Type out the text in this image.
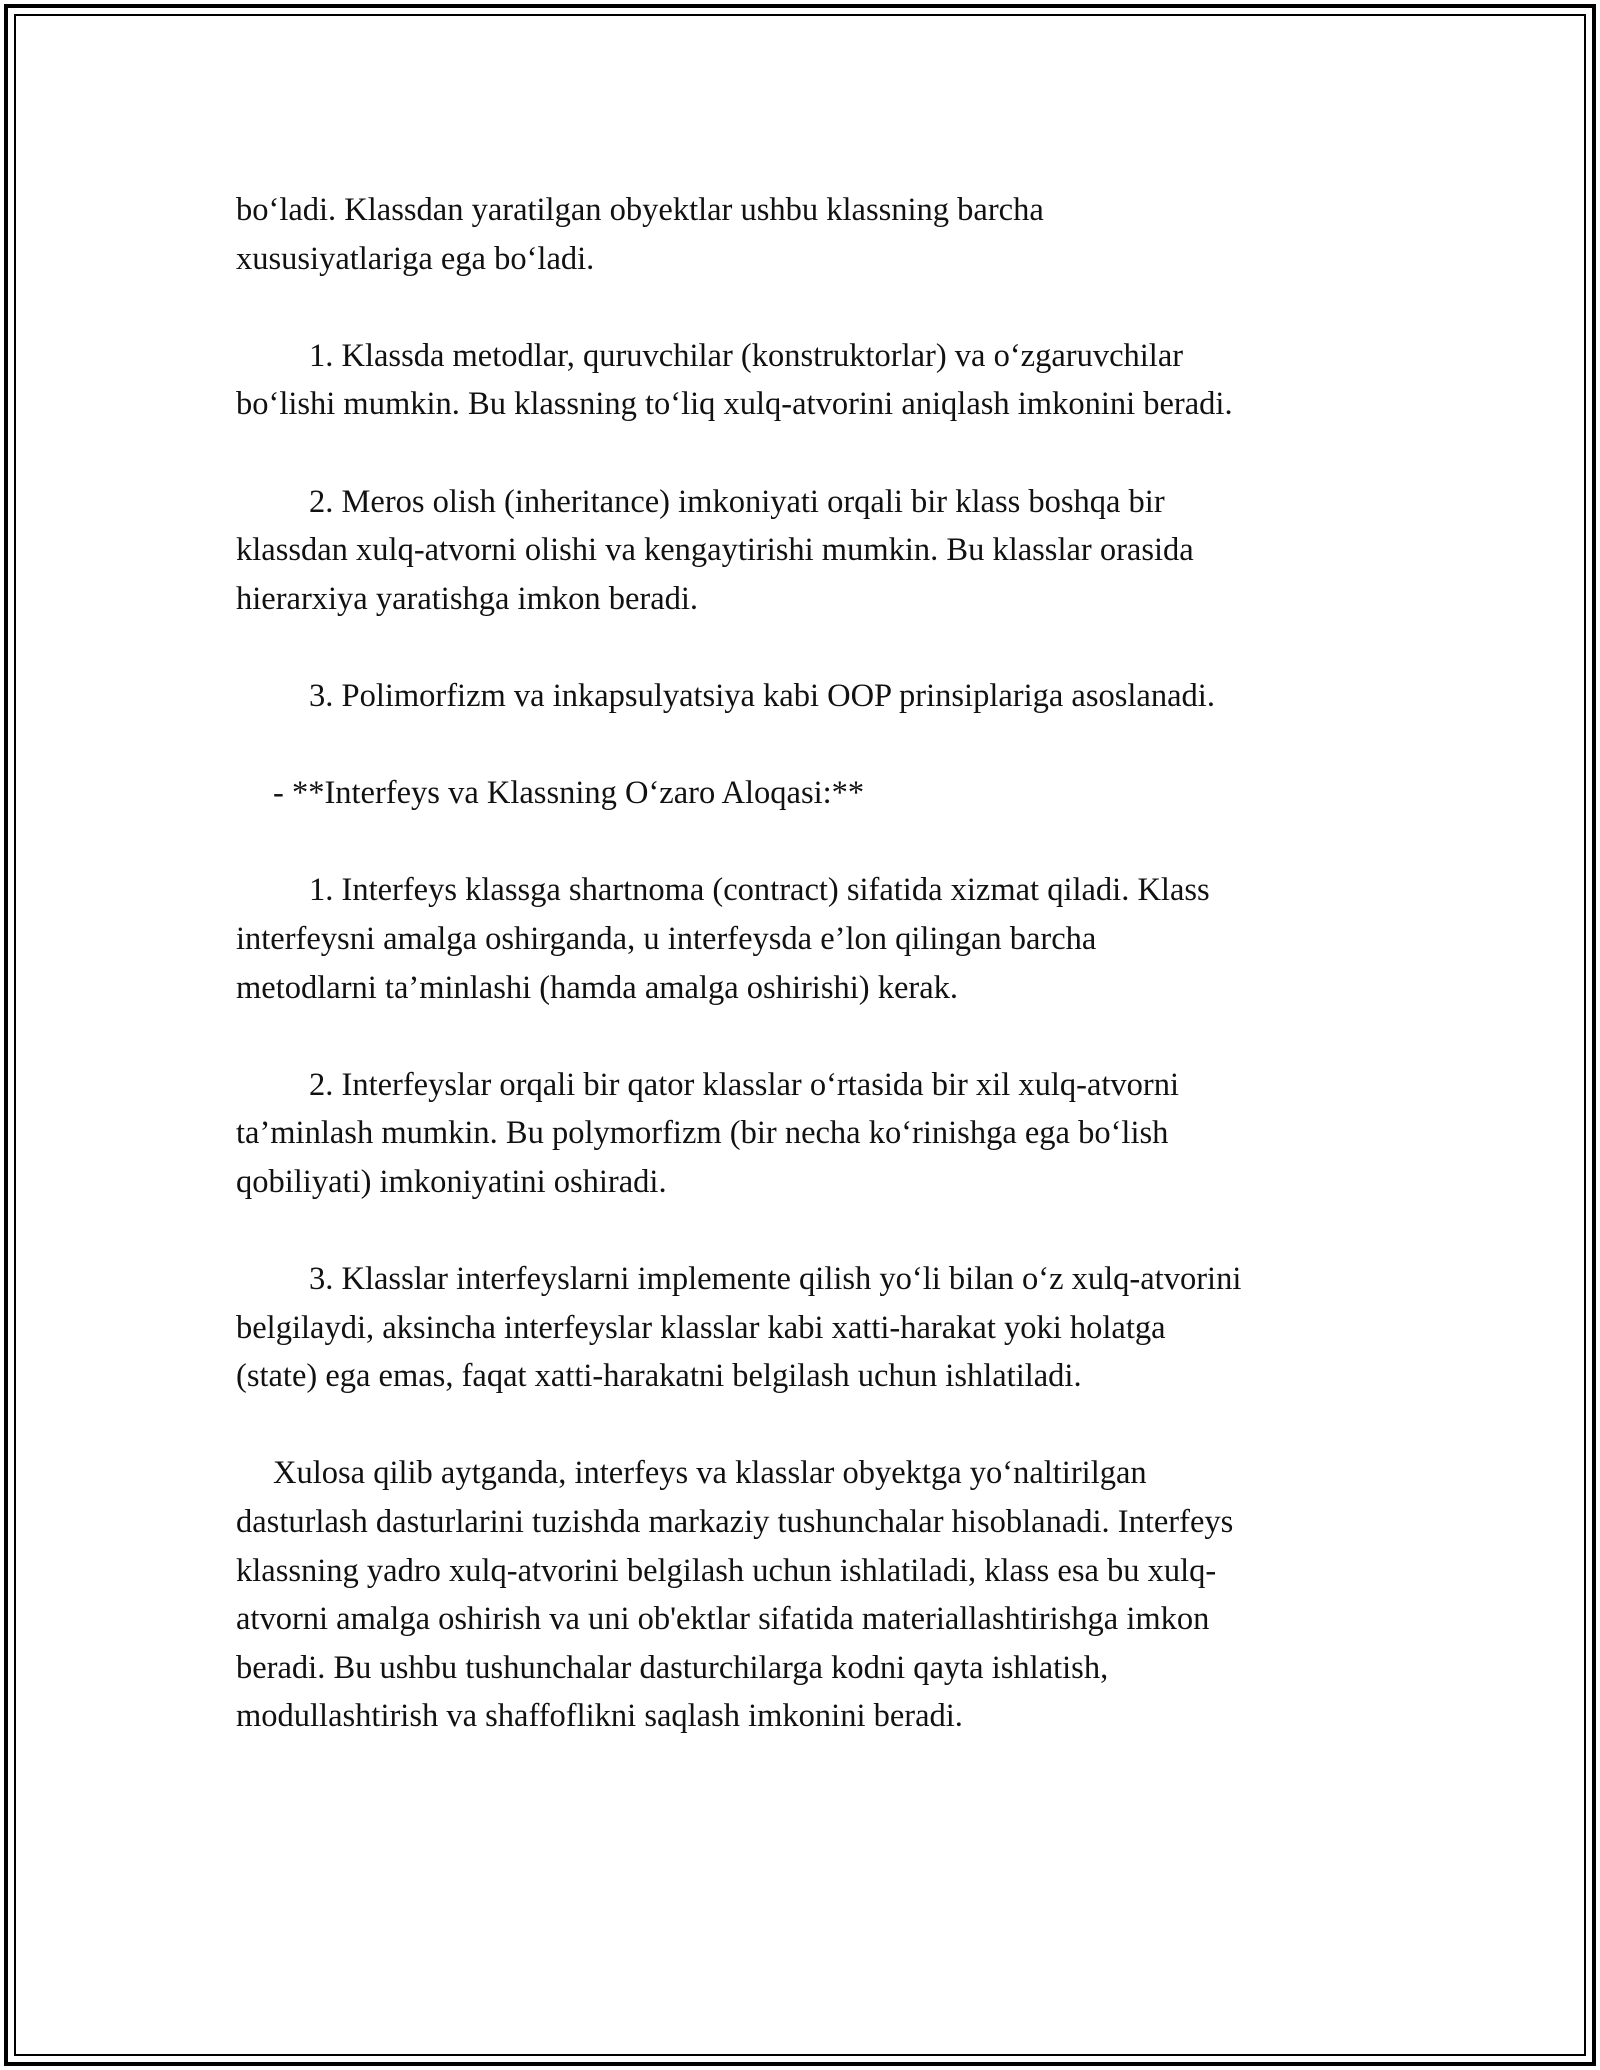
bo‘ladi. Klassdan yaratilgan obyektlar ushbu klassning barcha
xususiyatlariga ega bo‘ladi.

1. Klassda metodlar, quruvchilar (konstruktorlar) va o‘zgaruvchilar
bo‘lishi mumkin. Bu klassning to‘liq xulq-atvorini aniqlash imkonini beradi.

2. Meros olish (inheritance) imkoniyati orqali bir klass boshqa bir
klassdan xulq-atvorni olishi va kengaytirishi mumkin. Bu klasslar orasida
hierarxiya yaratishga imkon beradi.

3. Polimorfizm va inkapsulyatsiya kabi OOP prinsiplariga asoslanadi.

- **Interfeys va Klassning O‘zaro Aloqasi:**

1. Interfeys klassga shartnoma (contract) sifatida xizmat qiladi. Klass
interfeysni amalga oshirganda, u interfeysda e’lon qilingan barcha
metodlarni ta’minlashi (hamda amalga oshirishi) kerak.

2. Interfeyslar orqali bir qator klasslar o‘rtasida bir xil xulq-atvorni
ta’minlash mumkin. Bu polymorfizm (bir necha ko‘rinishga ega bo‘lish
qobiliyati) imkoniyatini oshiradi.

3. Klasslar interfeyslarni implemente qilish yo‘li bilan o‘z xulq-atvorini
belgilaydi, aksincha interfeyslar klasslar kabi xatti-harakat yoki holatga
(state) ega emas, faqat xatti-harakatni belgilash uchun ishlatiladi.

Xulosa qilib aytganda, interfeys va klasslar obyektga yo‘naltirilgan
dasturlash dasturlarini tuzishda markaziy tushunchalar hisoblanadi. Interfeys
klassning yadro xulq-atvorini belgilash uchun ishlatiladi, klass esa bu xulq-
atvorni amalga oshirish va uni ob'ektlar sifatida materiallashtirishga imkon
beradi. Bu ushbu tushunchalar dasturchilarga kodni qayta ishlatish,
modullashtirish va shaffoflikni saqlash imkonini beradi.
